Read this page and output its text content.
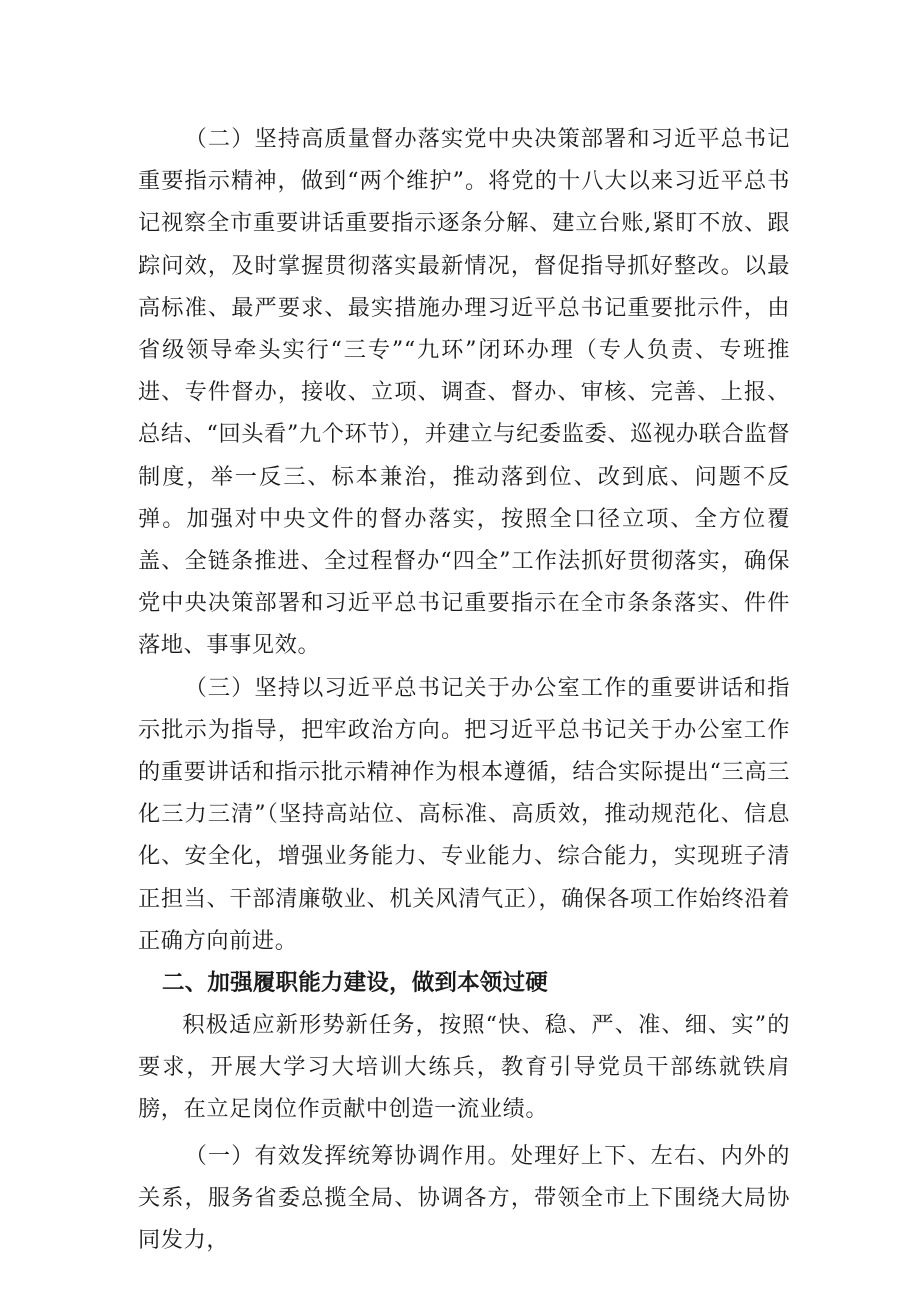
（二）坚持高质量督办落实党中央决策部署和习近平总书记重要指示精神，做到“两个维护”。将党的十八大以来习近平总书记视察全市重要讲话重要指示逐条分解、建立台账,紧盯不放、跟踪问效，及时掌握贯彻落实最新情况，督促指导抓好整改。以最高标准、最严要求、最实措施办理习近平总书记重要批示件，由省级领导牵头实行“三专”“九环”闭环办理（专人负责、专班推进、专件督办，接收、立项、调查、督办、审核、完善、上报、总结、“回头看”九个环节），并建立与纪委监委、巡视办联合监督制度，举一反三、标本兼治，推动落到位、改到底、问题不反弹。加强对中央文件的督办落实，按照全口径立项、全方位覆盖、全链条推进、全过程督办“四全”工作法抓好贯彻落实，确保党中央决策部署和习近平总书记重要指示在全市条条落实、件件落地、事事见效。

（三）坚持以习近平总书记关于办公室工作的重要讲话和指示批示为指导，把牢政治方向。把习近平总书记关于办公室工作的重要讲话和指示批示精神作为根本遵循，结合实际提出“三高三化三力三清”（坚持高站位、高标准、高质效，推动规范化、信息化、安全化，增强业务能力、专业能力、综合能力，实现班子清正担当、干部清廉敬业、机关风清气正），确保各项工作始终沿着正确方向前进。

二、加强履职能力建设，做到本领过硬

积极适应新形势新任务，按照“快、稳、严、准、细、实”的要求，开展大学习大培训大练兵，教育引导党员干部练就铁肩膀，在立足岗位作贡献中创造一流业绩。

（一）有效发挥统筹协调作用。处理好上下、左右、内外的关系，服务省委总揽全局、协调各方，带领全市上下围绕大局协同发力，
